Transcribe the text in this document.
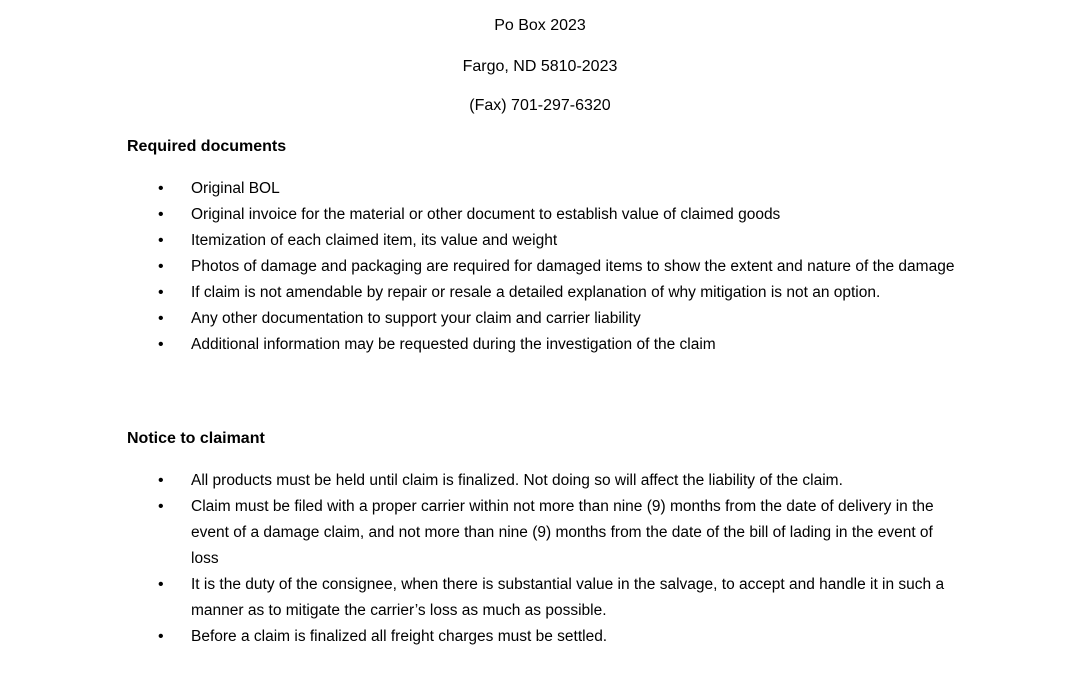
Po Box 2023
Fargo, ND 5810-2023
(Fax) 701-297-6320
Required documents
• Original BOL
• Original invoice for the material or other document to establish value of claimed goods
• Itemization of each claimed item, its value and weight
• Photos of damage and packaging are required for damaged items to show the extent and nature of the damage
• If claim is not amendable by repair or resale a detailed explanation of why mitigation is not an option.
• Any other documentation to support your claim and carrier liability
• Additional information may be requested during the investigation of the claim
Notice to claimant
• All products must be held until claim is finalized. Not doing so will affect the liability of the claim.
• Claim must be filed with a proper carrier within not more than nine (9) months from the date of delivery in the event of a damage claim, and not more than nine (9) months from the date of the bill of lading in the event of loss
• It is the duty of the consignee, when there is substantial value in the salvage, to accept and handle it in such a manner as to mitigate the carrier’s loss as much as possible.
• Before a claim is finalized all freight charges must be settled.
